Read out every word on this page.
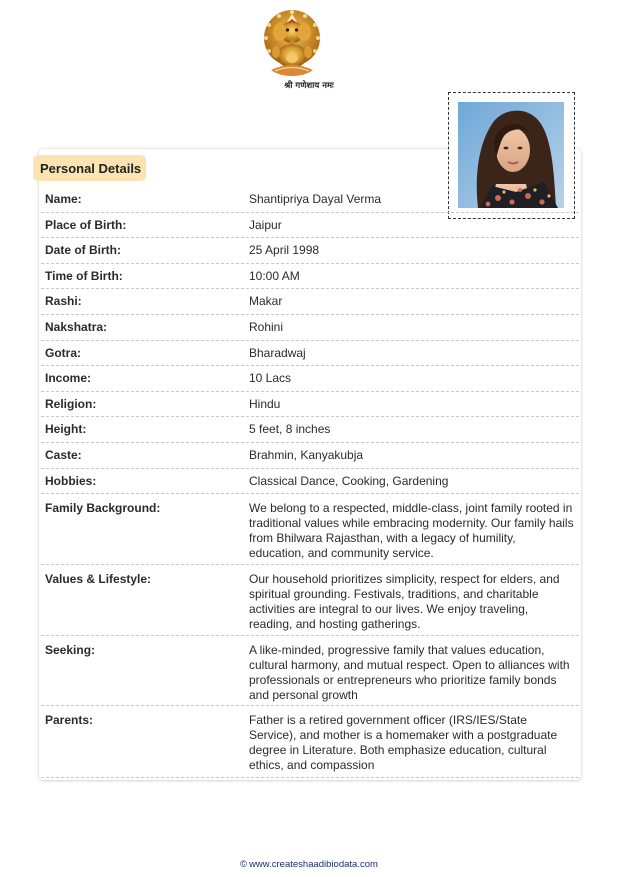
श्री गणेशाय नमः
Personal Details
Name:	Shantipriya Dayal Verma
Place of Birth:	Jaipur
Date of Birth:	25 April 1998
Time of Birth:	10:00 AM
Rashi:	Makar
Nakshatra:	Rohini
Gotra:	Bharadwaj
Income:	10 Lacs
Religion:	Hindu
Height:	5 feet, 8 inches
Caste:	Brahmin, Kanyakubja
Hobbies:	Classical Dance, Cooking, Gardening
Family Background:	We belong to a respected, middle-class, joint family rooted in traditional values while embracing modernity. Our family hails from Bhilwara Rajasthan, with a legacy of humility, education, and community service.
Values & Lifestyle:	Our household prioritizes simplicity, respect for elders, and spiritual grounding. Festivals, traditions, and charitable activities are integral to our lives. We enjoy traveling, reading, and hosting gatherings.
Seeking:	A like-minded, progressive family that values education, cultural harmony, and mutual respect. Open to alliances with professionals or entrepreneurs who prioritize family bonds and personal growth
Parents:	Father is a retired government officer (IRS/IES/State Service), and mother is a homemaker with a postgraduate degree in Literature. Both emphasize education, cultural ethics, and compassion
© www.createshaadibiodata.com
